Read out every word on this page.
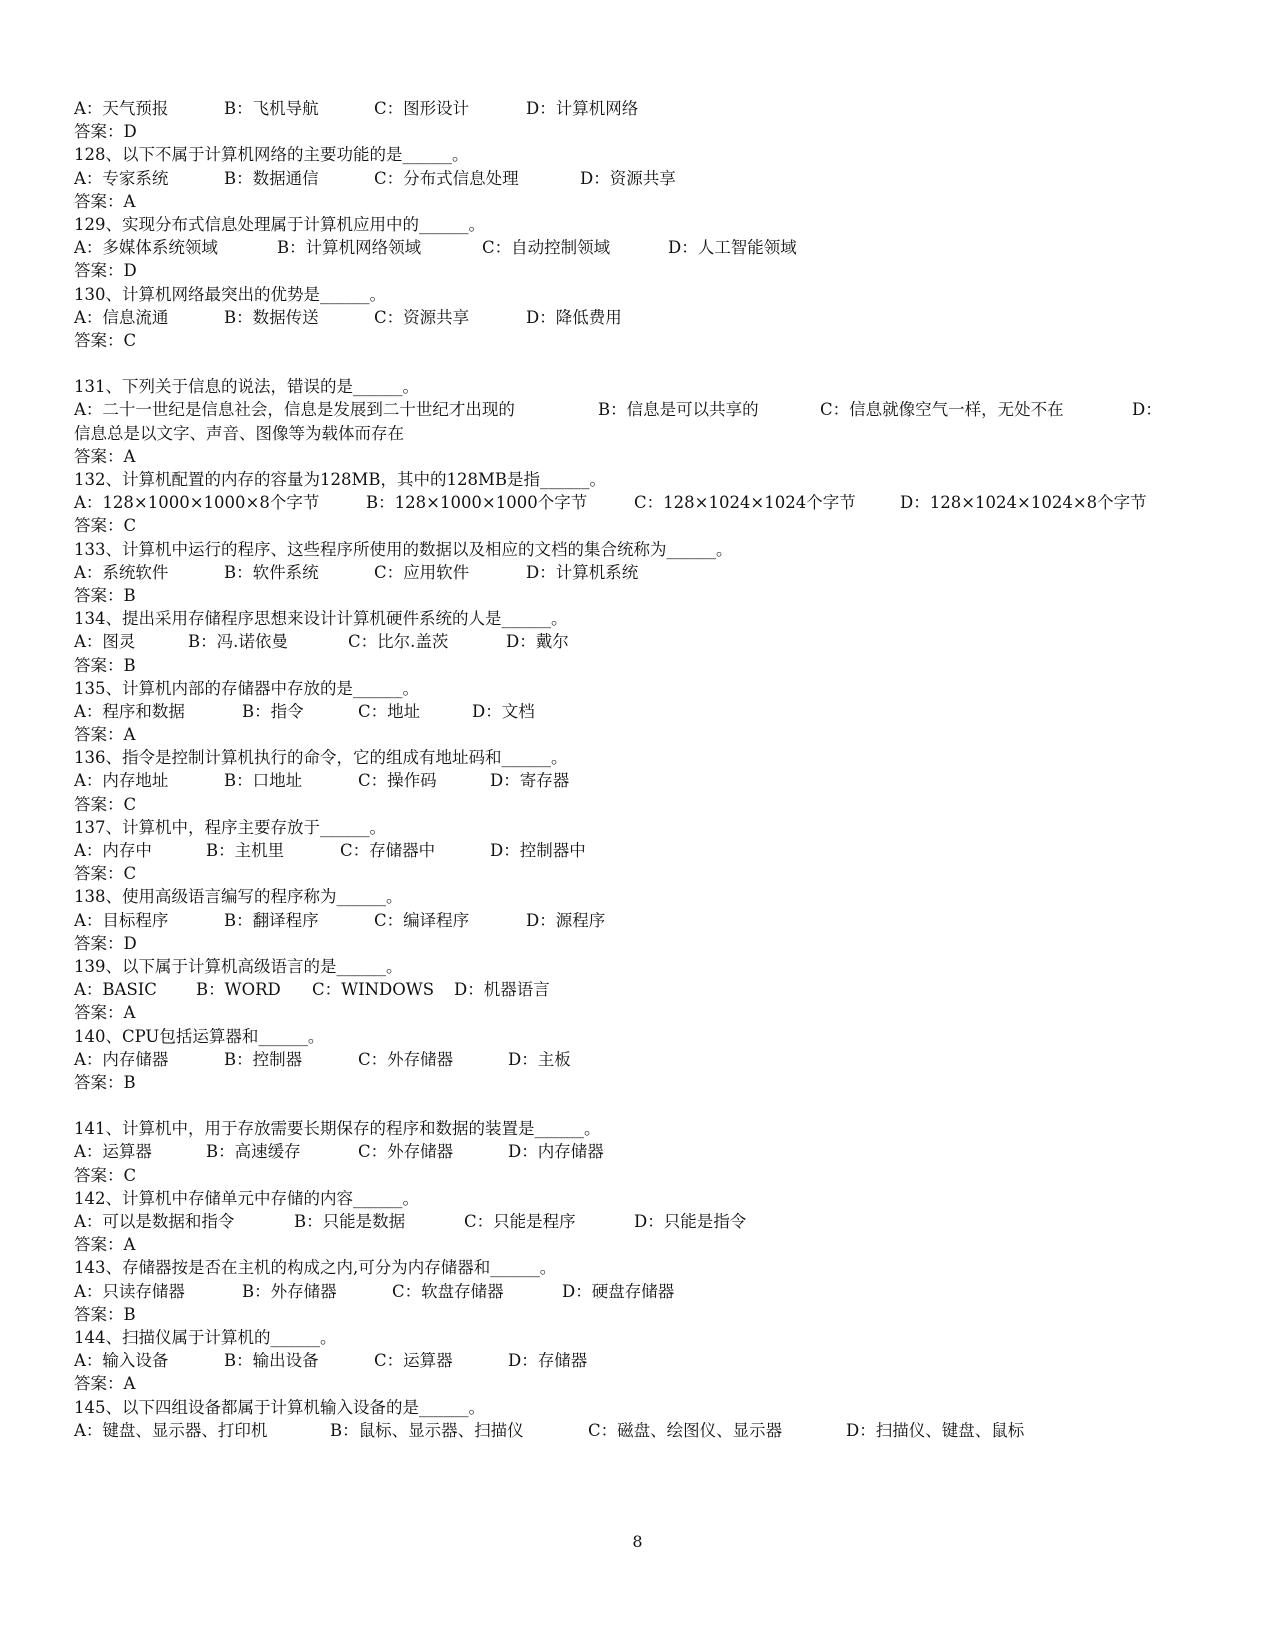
A：天气预报

	B：飞机导航

	C：图形设计

	D：计算机网络

答案：D
128、以下不属于计算机网络的主要功能的是______。

A：专家系统

	B：数据通信

	C：分布式信息处理

	D：资源共享

答案：A
129、实现分布式信息处理属于计算机应用中的______。

A：多媒体系统领域

	B：计算机网络领域

	C：自动控制领域

	D：人工智能领域

答案：D
130、计算机网络最突出的优势是______。

A：信息流通

	B：数据传送

	C：资源共享

	D：降低费用

答案：C
131、下列关于信息的说法，错误的是______。

A：二十一世纪是信息社会，信息是发展到二十世纪才出现的

	B：信息是可以共享的

	C：信息就像空气一样，无处不在

	D：

信息总是以文字、声音、图像等为载体而存在
答案：A
132、计算机配置的内存的容量为128MB，其中的128MB是指______。

A：128×1000×1000×8个字节

	B：128×1000×1000个字节

	C：128×1024×1024个字节

	D：128×1024×1024×8个字节

答案：C
133、计算机中运行的程序、这些程序所使用的数据以及相应的文档的集合统称为______。

A：系统软件

	B：软件系统

	C：应用软件

	D：计算机系统

答案：B
134、提出采用存储程序思想来设计计算机硬件系统的人是______。

A：图灵

	B：冯.诺依曼

	C：比尔.盖茨

	D：戴尔

答案：B
135、计算机内部的存储器中存放的是______。

A：程序和数据

	B：指令

	C：地址

	D：文档

答案：A
136、指令是控制计算机执行的命令，它的组成有地址码和______。

A：内存地址

	B：口地址

	C：操作码

	D：寄存器

答案：C
137、计算机中，程序主要存放于______。

A：内存中

	B：主机里

	C：存储器中

	D：控制器中

答案：C
138、使用高级语言编写的程序称为______。

A：目标程序

	B：翻译程序

	C：编译程序

	D：源程序

答案：D
139、以下属于计算机高级语言的是______。

A：BASIC

B：WORD

C：WINDOWS

D：机器语言

答案：A
140、CPU包括运算器和______。

A：内存储器

	B：控制器

	C：外存储器

	D：主板

答案：B
141、计算机中，用于存放需要长期保存的程序和数据的装置是______。

A：运算器

	B：高速缓存

	C：外存储器

	D：内存储器

答案：C
142、计算机中存储单元中存储的内容______。

A：可以是数据和指令

	B：只能是数据

	C：只能是程序

	D：只能是指令

答案：A
143、存储器按是否在主机的构成之内,可分为内存储器和______。

A：只读存储器

	B：外存储器

	C：软盘存储器

	D：硬盘存储器

答案：B
144、扫描仪属于计算机的______。

A：输入设备

	B：输出设备

	C：运算器

	D：存储器

答案：A
145、以下四组设备都属于计算机输入设备的是______。

A：键盘、显示器、打印机

	B：鼠标、显示器、扫描仪

	C：磁盘、绘图仪、显示器

	D：扫描仪、键盘、鼠标

8
